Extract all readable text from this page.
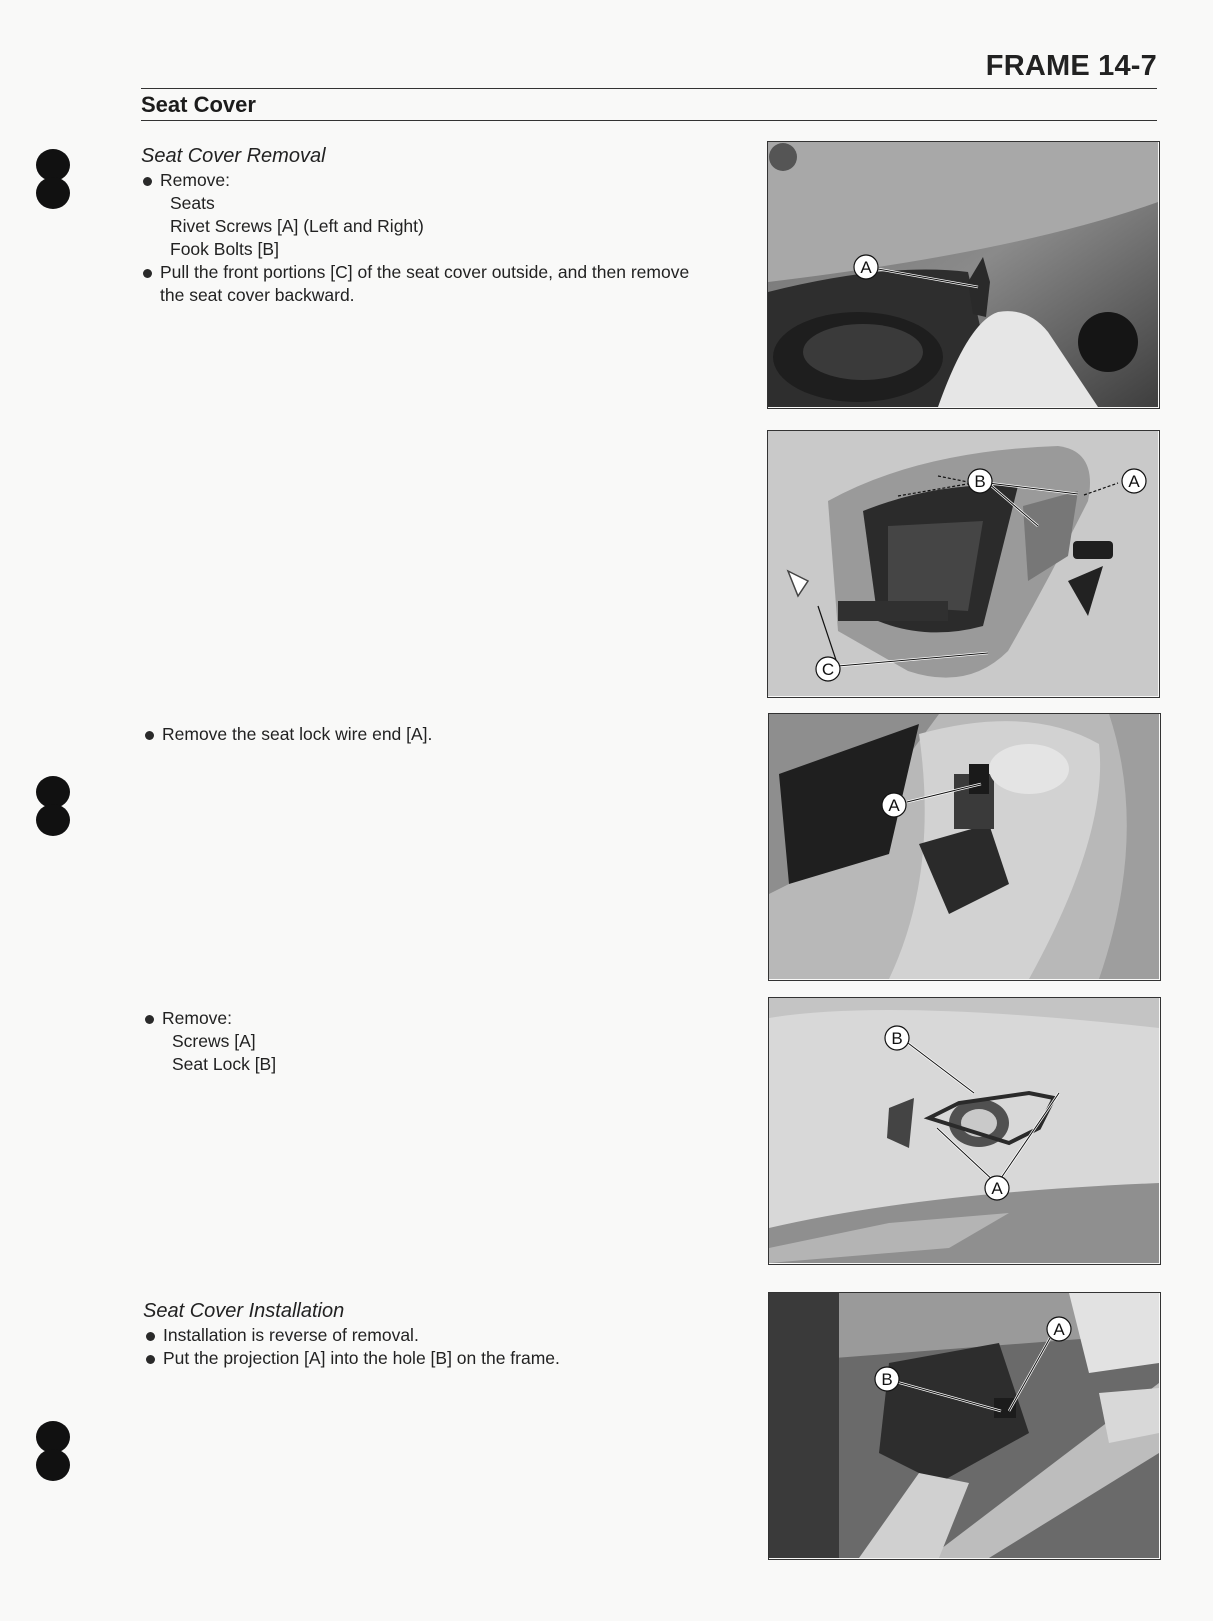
FRAME 14-7
Seat Cover
Seat Cover Removal
Remove:
Seats
Rivet Screws [A] (Left and Right)
Fook Bolts [B]
Pull the front portions [C] of the seat cover outside, and then remove
the seat cover backward.
Remove the seat lock wire end [A].
Remove:
Screws [A]
Seat Lock [B]
Seat Cover Installation
Installation is reverse of removal.
Put the projection [A] into the hole [B] on the frame.
A
B	A
C
A
B
A
A
B
